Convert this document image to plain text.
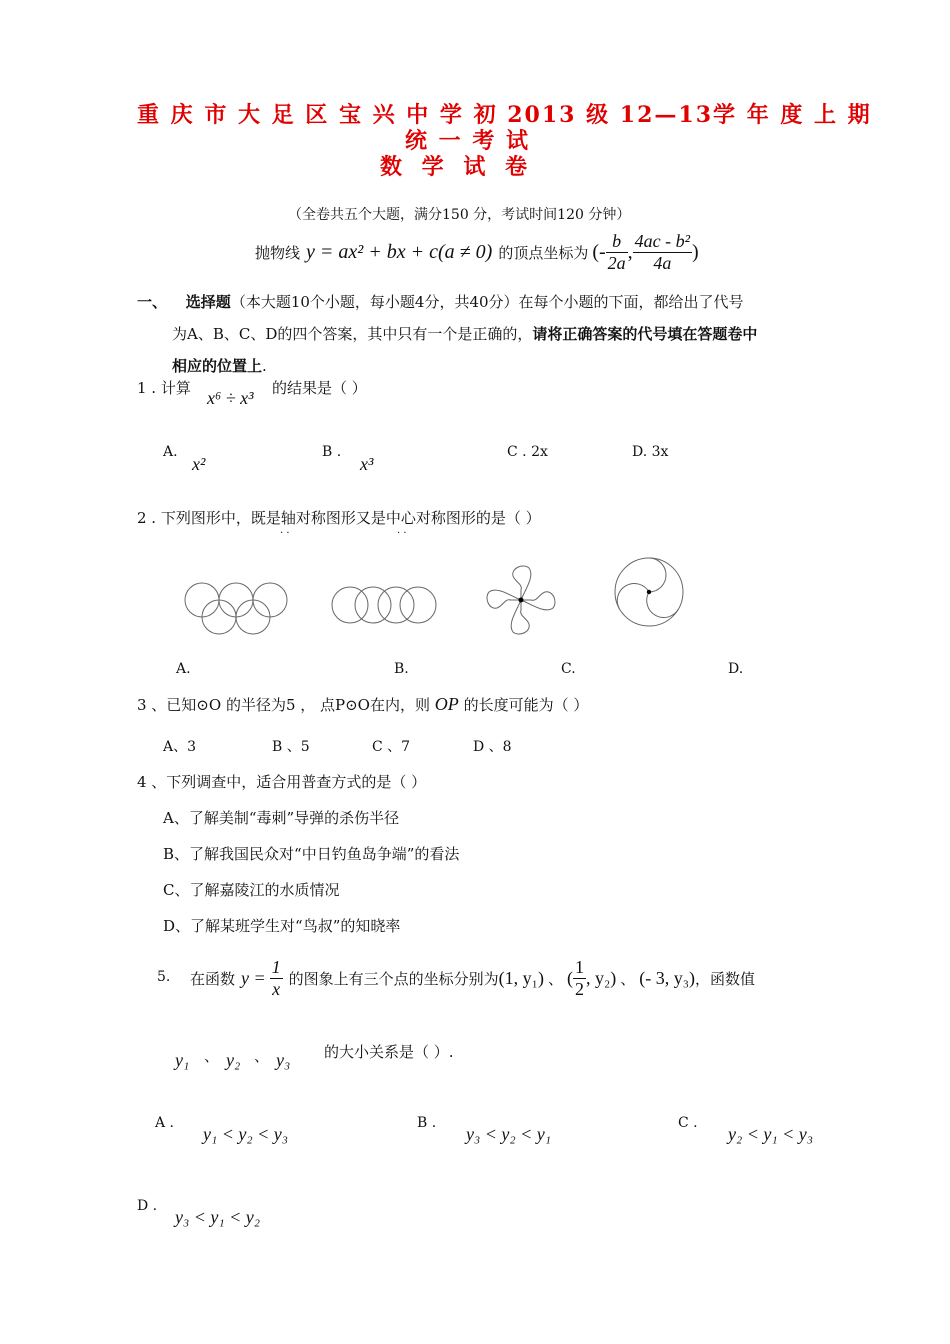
重 庆 市 大 足 区 宝 兴 中 学 初 2013 级 12—13学 年 度 上 期
统 一 考 试
数 学 试 卷
（全卷共五个大题，满分150 分，考试时间120 分钟）
抛物线 y = ax² + bx + c(a ≠ 0) 的顶点坐标为 (- $\frac{b}{2a}$ , $\frac{\text{4ac - b²}}{4a}$ )
一、 选择题（本大题10个小题，每小题4分，共40分）在每个小题的下面，都给出了代号
为A、B、C、D的四个答案，其中只有一个是正确的，请将正确答案的代号填在答题卷中
相应的位置上.
1 . 计算 x⁶ ÷ x³ 的结果是（ ）
A.
x²
B .
x³
C . 2x	D. 3x
2 . 下列图形中，既是轴对称图形又是中心对称图形的是（ ）
· ·	· ·
A.	B.	C.	D.
3 、已知⊙O 的半径为5 ， 点P⊙O在内，则 OP 的长度可能为（ ）
A、3	B 、5	C 、7	D 、8
4 、下列调查中，适合用普查方式的是（ ）
A、了解美制“毒刺”导弹的杀伤半径
B、了解我国民众对“中日钓鱼岛争端”的看法
C、了解嘉陵江的水质情况
D、了解某班学生对“鸟叔”的知晓率
5. 在函数 $y = \frac{1}{x}$ 的图象上有三个点的坐标分别为 (1, y₁) 、 ( $\frac{1}{2}$ , y₂) 、 (- 3, y₃) ，函数值
y₁ 、 y₂ 、 y₃ 的大小关系是（ ）.
A .
y₁ < y₂ < y₃
B .
y₃ < y₂ < y₁
C .
y₂ < y₁ < y₃
D .
y₃ < y₁ < y₂
